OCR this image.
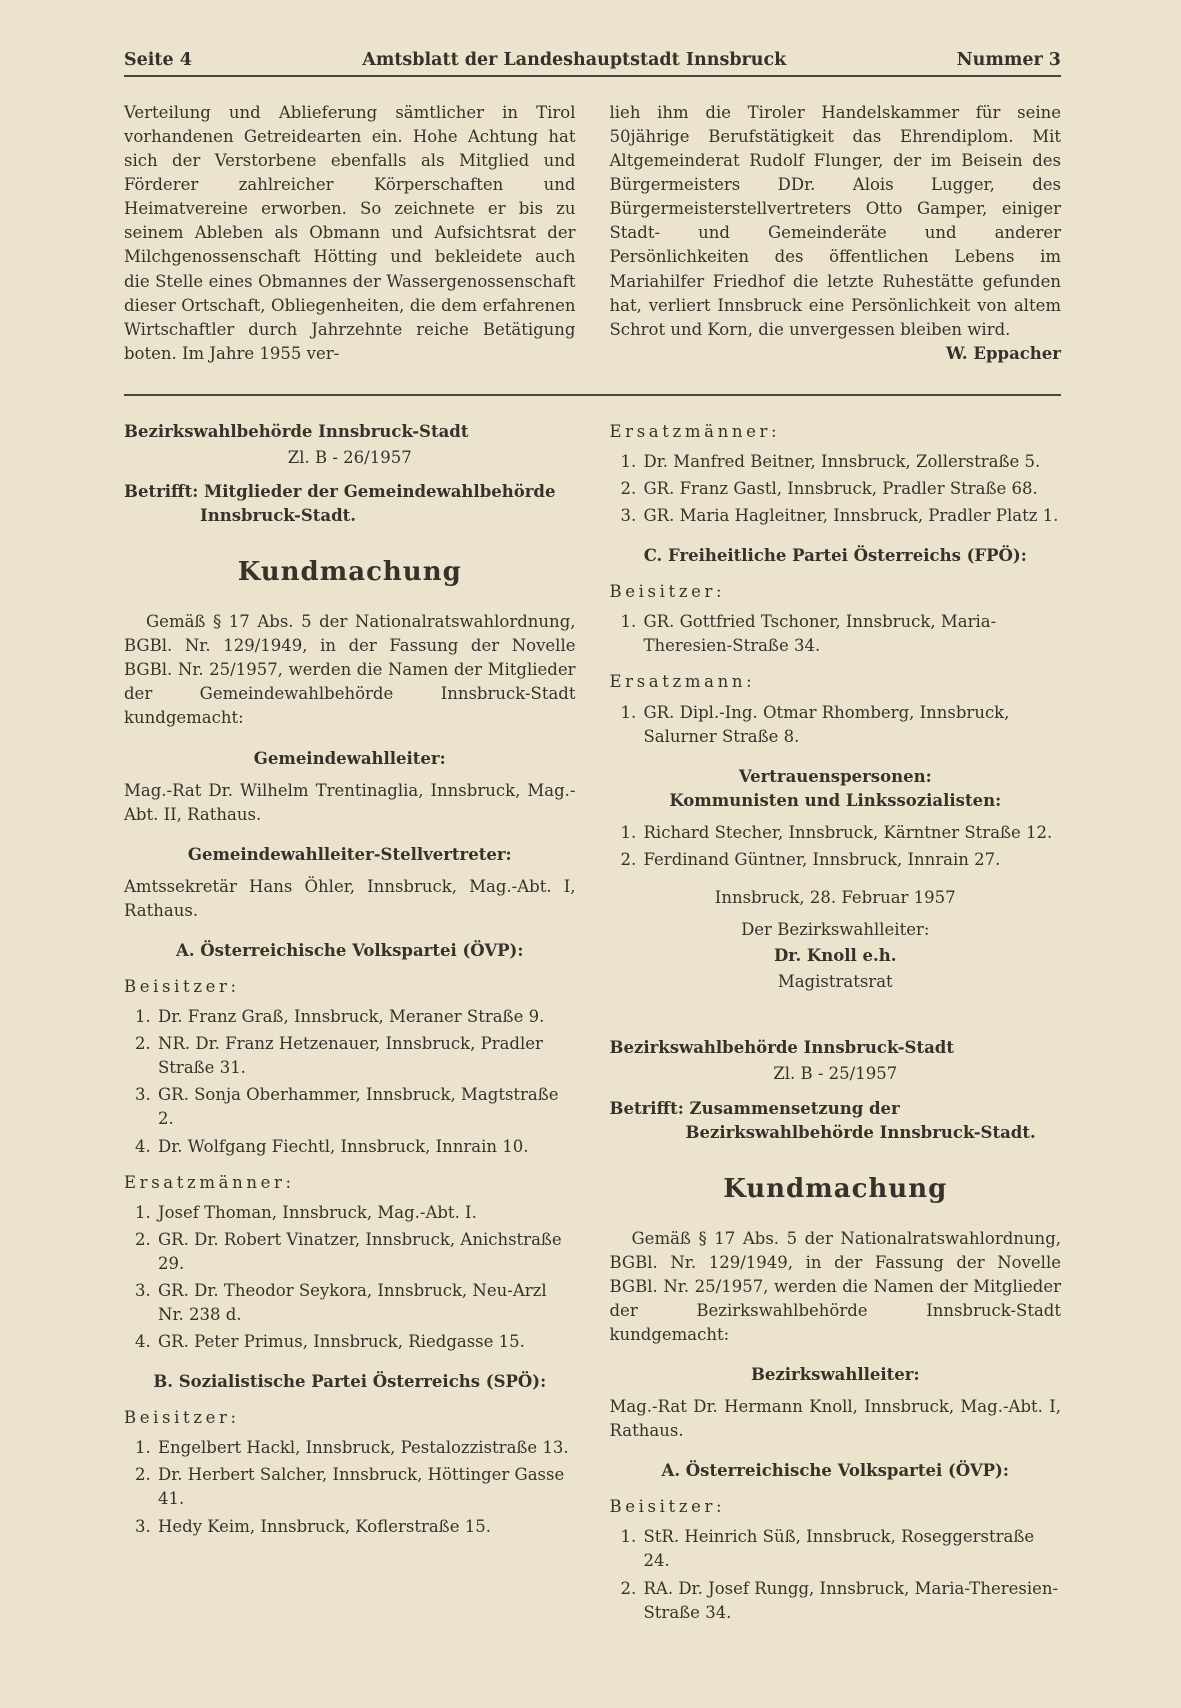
Seite 4	Amtsblatt der Landeshauptstadt Innsbruck	Nummer 3

Verteilung und Ablieferung sämtlicher in Tirol vorhandenen Getreidearten ein. Hohe Achtung hat sich der Verstorbene ebenfalls als Mitglied und Förderer zahlreicher Körperschaften und Heimatvereine erworben. So zeichnete er bis zu seinem Ableben als Obmann und Aufsichtsrat der Milchgenossenschaft Hötting und bekleidete auch die Stelle eines Obmannes der Wassergenossenschaft dieser Ortschaft, Obliegenheiten, die dem erfahrenen Wirtschaftler durch Jahrzehnte reiche Betätigung boten. Im Jahre 1955 ver-

lieh ihm die Tiroler Handelskammer für seine 50jährige Berufstätigkeit das Ehrendiplom. Mit Altgemeinderat Rudolf Flunger, der im Beisein des Bürgermeisters DDr. Alois Lugger, des Bürgermeisterstellvertreters Otto Gamper, einiger Stadt- und Gemeinderäte und anderer Persönlichkeiten des öffentlichen Lebens im Mariahilfer Friedhof die letzte Ruhestätte gefunden hat, verliert Innsbruck eine Persönlichkeit von altem Schrot und Korn, die unvergessen bleiben wird.
W. Eppacher

Bezirkswahlbehörde Innsbruck-Stadt

Zl. B - 26/1957

Betrifft: Mitglieder der Gemeindewahlbehörde Innsbruck-Stadt.

Kundmachung

Gemäß § 17 Abs. 5 der Nationalratswahlordnung, BGBl. Nr. 129/1949, in der Fassung der Novelle BGBl. Nr. 25/1957, werden die Namen der Mitglieder der Gemeindewahlbehörde Innsbruck-Stadt kundgemacht:

Gemeindewahlleiter:

Mag.-Rat Dr. Wilhelm Trentinaglia, Innsbruck, Mag.-Abt. II, Rathaus.

Gemeindewahlleiter-Stellvertreter:

Amtssekretär Hans Öhler, Innsbruck, Mag.-Abt. I, Rathaus.

A. Österreichische Volkspartei (ÖVP):

Beisitzer:

1. Dr. Franz Graß, Innsbruck, Meraner Straße 9.
2. NR. Dr. Franz Hetzenauer, Innsbruck, Pradler Straße 31.
3. GR. Sonja Oberhammer, Innsbruck, Magtstraße 2.
4. Dr. Wolfgang Fiechtl, Innsbruck, Innrain 10.

Ersatzmänner:

1. Josef Thoman, Innsbruck, Mag.-Abt. I.
2. GR. Dr. Robert Vinatzer, Innsbruck, Anichstraße 29.
3. GR. Dr. Theodor Seykora, Innsbruck, Neu-Arzl Nr. 238 d.
4. GR. Peter Primus, Innsbruck, Riedgasse 15.

B. Sozialistische Partei Österreichs (SPÖ):

Beisitzer:

1. Engelbert Hackl, Innsbruck, Pestalozzistraße 13.
2. Dr. Herbert Salcher, Innsbruck, Höttinger Gasse 41.
3. Hedy Keim, Innsbruck, Koflerstraße 15.

Ersatzmänner:

1. Dr. Manfred Beitner, Innsbruck, Zollerstraße 5.
2. GR. Franz Gastl, Innsbruck, Pradler Straße 68.
3. GR. Maria Hagleitner, Innsbruck, Pradler Platz 1.

C. Freiheitliche Partei Österreichs (FPÖ):

Beisitzer:

1. GR. Gottfried Tschoner, Innsbruck, Maria-Theresien-Straße 34.

Ersatzmann:

1. GR. Dipl.-Ing. Otmar Rhomberg, Innsbruck, Salurner Straße 8.

Vertrauenspersonen:

Kommunisten und Linkssozialisten:

1. Richard Stecher, Innsbruck, Kärntner Straße 12.
2. Ferdinand Güntner, Innsbruck, Innrain 27.

Innsbruck, 28. Februar 1957

Der Bezirkswahlleiter:

Dr. Knoll e.h.

Magistratsrat

Bezirkswahlbehörde Innsbruck-Stadt

Zl. B - 25/1957

Betrifft: Zusammensetzung der Bezirkswahlbehörde Innsbruck-Stadt.

Kundmachung

Gemäß § 17 Abs. 5 der Nationalratswahlordnung, BGBl. Nr. 129/1949, in der Fassung der Novelle BGBl. Nr. 25/1957, werden die Namen der Mitglieder der Bezirkswahlbehörde Innsbruck-Stadt kundgemacht:

Bezirkswahlleiter:

Mag.-Rat Dr. Hermann Knoll, Innsbruck, Mag.-Abt. I, Rathaus.

A. Österreichische Volkspartei (ÖVP):

Beisitzer:

1. StR. Heinrich Süß, Innsbruck, Roseggerstraße 24.
2. RA. Dr. Josef Rungg, Innsbruck, Maria-Theresien-Straße 34.
